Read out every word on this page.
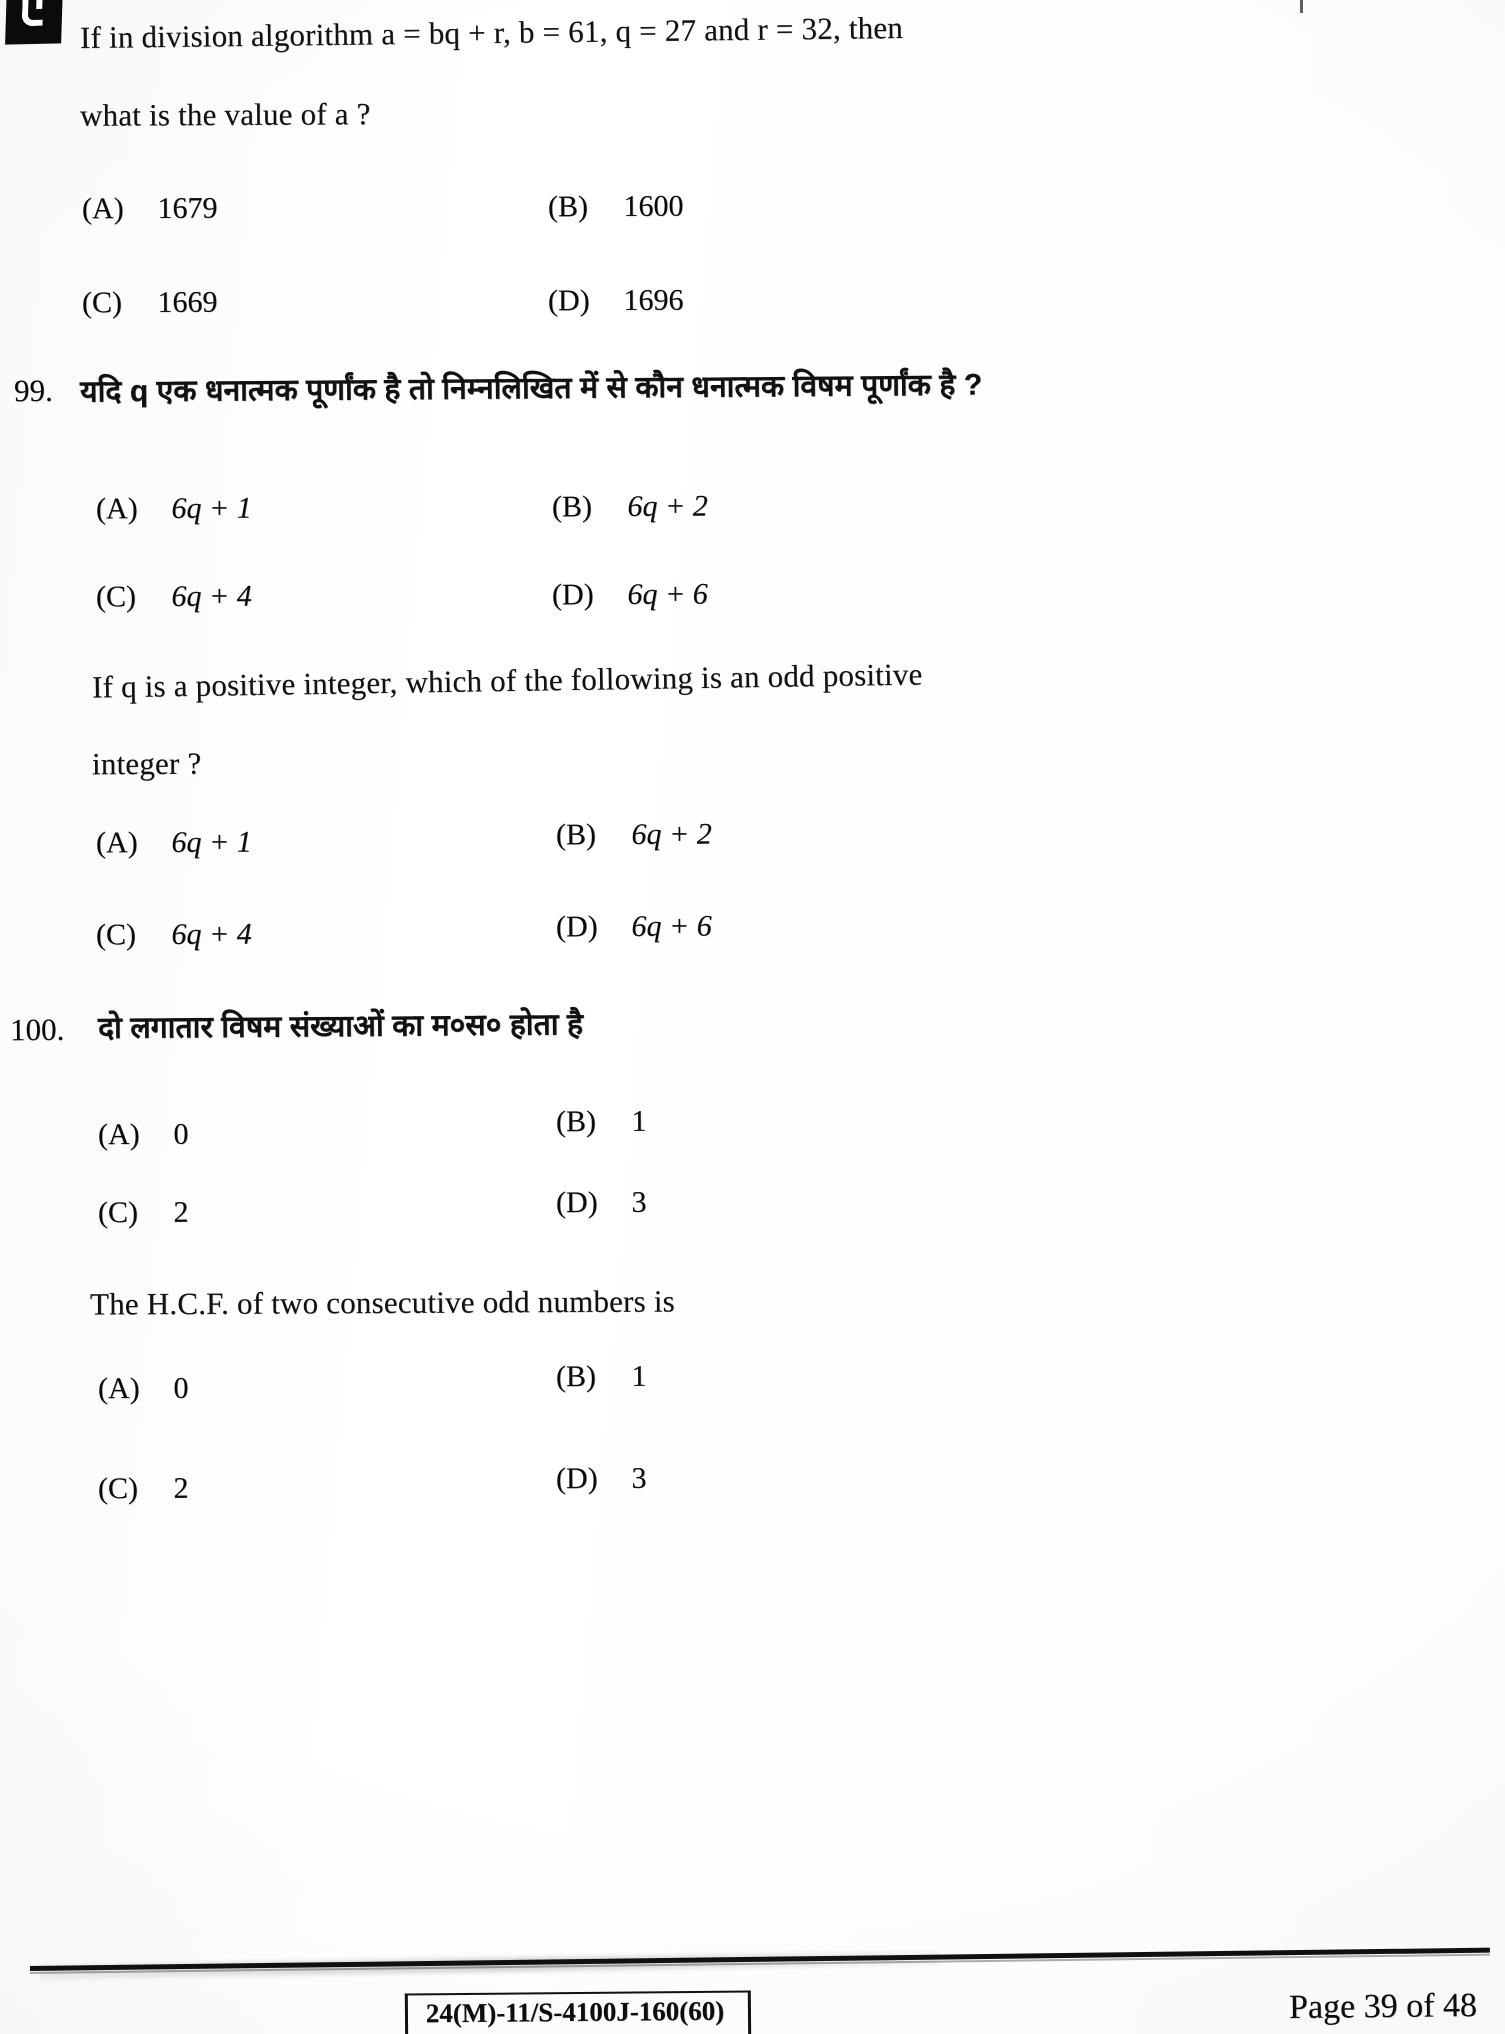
If in division algorithm a = bq + r, b = 61, q = 27 and r = 32, then
what is the value of a ?
(A) 1679	(B) 1600
(C) 1669	(D) 1696
99. यदि q एक धनात्मक पूर्णांक है तो निम्नलिखित में से कौन धनात्मक विषम पूर्णांक है ?
(A) 6q + 1	(B) 6q + 2
(C) 6q + 4	(D) 6q + 6
If q is a positive integer, which of the following is an odd positive
integer ?
(A) 6q + 1	(B) 6q + 2
(C) 6q + 4	(D) 6q + 6
100. दो लगातार विषम संख्याओं का म०स० होता है
(A) 0	(B) 1
(C) 2	(D) 3
The H.C.F. of two consecutive odd numbers is
(A) 0	(B) 1
(C) 2	(D) 3
24(M)-11/S-4100J-160(60)	Page 39 of 48
